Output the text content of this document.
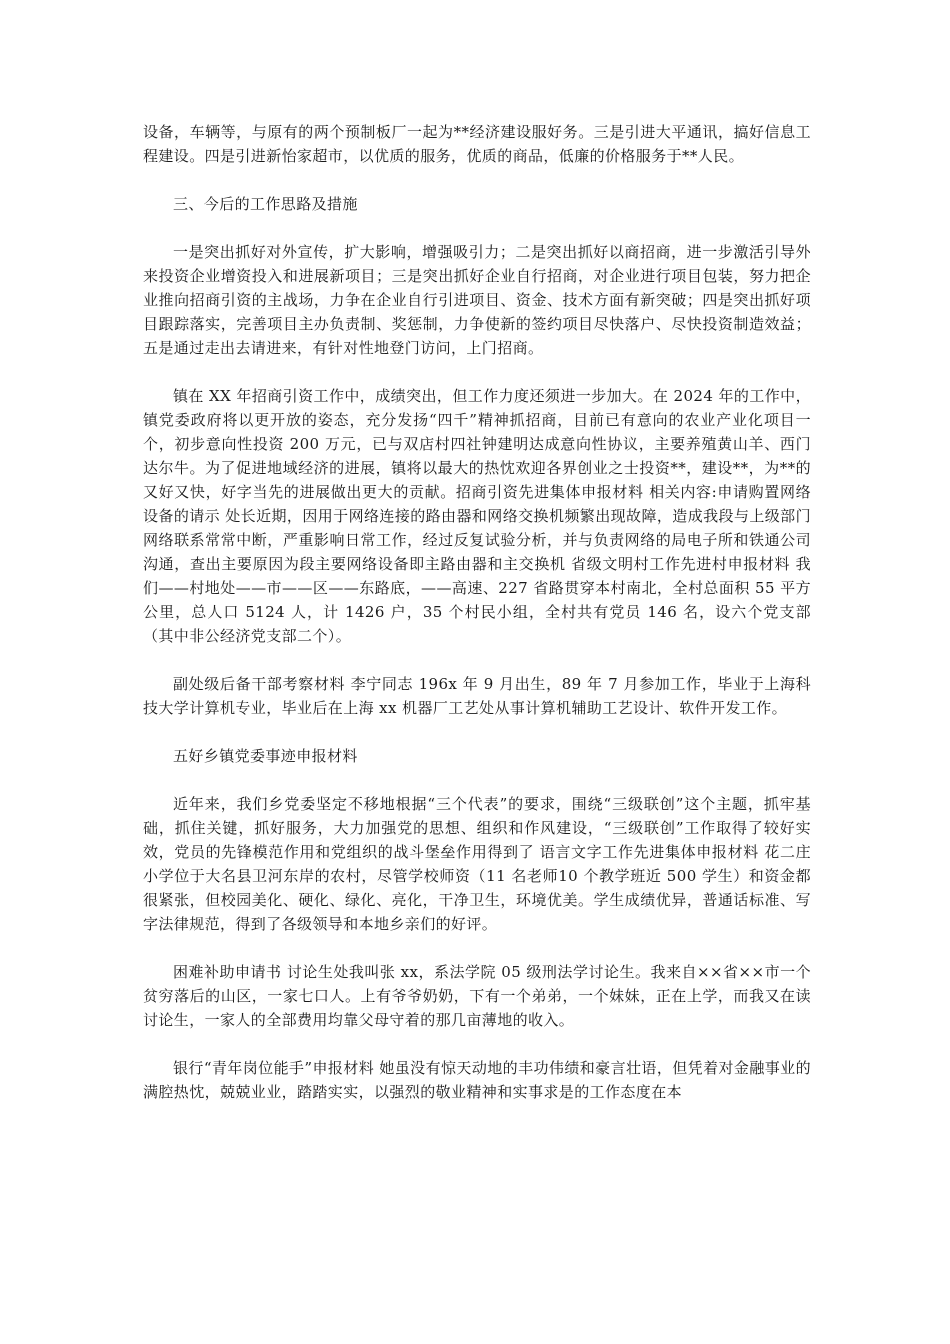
设备，车辆等，与原有的两个预制板厂一起为**经济建设服好务。三是引进大平通讯，搞好信息工程建设。四是引进新怡家超市，以优质的服务，优质的商品，低廉的价格服务于**人民。

三、今后的工作思路及措施

一是突出抓好对外宣传，扩大影响，增强吸引力；二是突出抓好以商招商，进一步激活引导外来投资企业增资投入和进展新项目；三是突出抓好企业自行招商，对企业进行项目包装，努力把企业推向招商引资的主战场，力争在企业自行引进项目、资金、技术方面有新突破；四是突出抓好项目跟踪落实，完善项目主办负责制、奖惩制，力争使新的签约项目尽快落户、尽快投资制造效益；五是通过走出去请进来，有针对性地登门访问，上门招商。

镇在 XX 年招商引资工作中，成绩突出，但工作力度还须进一步加大。在 2024 年的工作中，镇党委政府将以更开放的姿态，充分发扬“四千”精神抓招商，目前已有意向的农业产业化项目一个，初步意向性投资 200 万元，已与双店村四社钟建明达成意向性协议，主要养殖黄山羊、西门达尔牛。为了促进地域经济的进展，镇将以最大的热忱欢迎各界创业之士投资**，建设**，为**的又好又快，好字当先的进展做出更大的贡献。招商引资先进集体申报材料 相关内容:申请购置网络设备的请示 处长近期，因用于网络连接的路由器和网络交换机频繁出现故障，造成我段与上级部门网络联系常常中断，严重影响日常工作，经过反复试验分析，并与负责网络的局电子所和铁通公司沟通，查出主要原因为段主要网络设备即主路由器和主交换机 省级文明村工作先进村申报材料 我们——村地处——市——区——东路底，——高速、227 省路贯穿本村南北，全村总面积 55 平方公里，总人口 5124 人，计 1426 户，35 个村民小组，全村共有党员 146 名，设六个党支部（其中非公经济党支部二个）。

副处级后备干部考察材料 李宁同志 196x 年 9 月出生，89 年 7 月参加工作，毕业于上海科技大学计算机专业，毕业后在上海 xx 机器厂工艺处从事计算机辅助工艺设计、软件开发工作。

五好乡镇党委事迹申报材料

近年来，我们乡党委坚定不移地根据“三个代表”的要求，围绕“三级联创”这个主题，抓牢基础，抓住关键，抓好服务，大力加强党的思想、组织和作风建设，“三级联创”工作取得了较好实效，党员的先锋模范作用和党组织的战斗堡垒作用得到了 语言文字工作先进集体申报材料 花二庄小学位于大名县卫河东岸的农村，尽管学校师资（11 名老师10 个教学班近 500 学生）和资金都很紧张，但校园美化、硬化、绿化、亮化，干净卫生，环境优美。学生成绩优异，普通话标准、写字法律规范，得到了各级领导和本地乡亲们的好评。

困难补助申请书 讨论生处我叫张 xx，系法学院 05 级刑法学讨论生。我来自××省××市一个贫穷落后的山区，一家七口人。上有爷爷奶奶，下有一个弟弟，一个妹妹，正在上学，而我又在读讨论生，一家人的全部费用均靠父母守着的那几亩薄地的收入。

银行“青年岗位能手”申报材料 她虽没有惊天动地的丰功伟绩和豪言壮语，但凭着对金融事业的满腔热忱，兢兢业业，踏踏实实，以强烈的敬业精神和实事求是的工作态度在本
